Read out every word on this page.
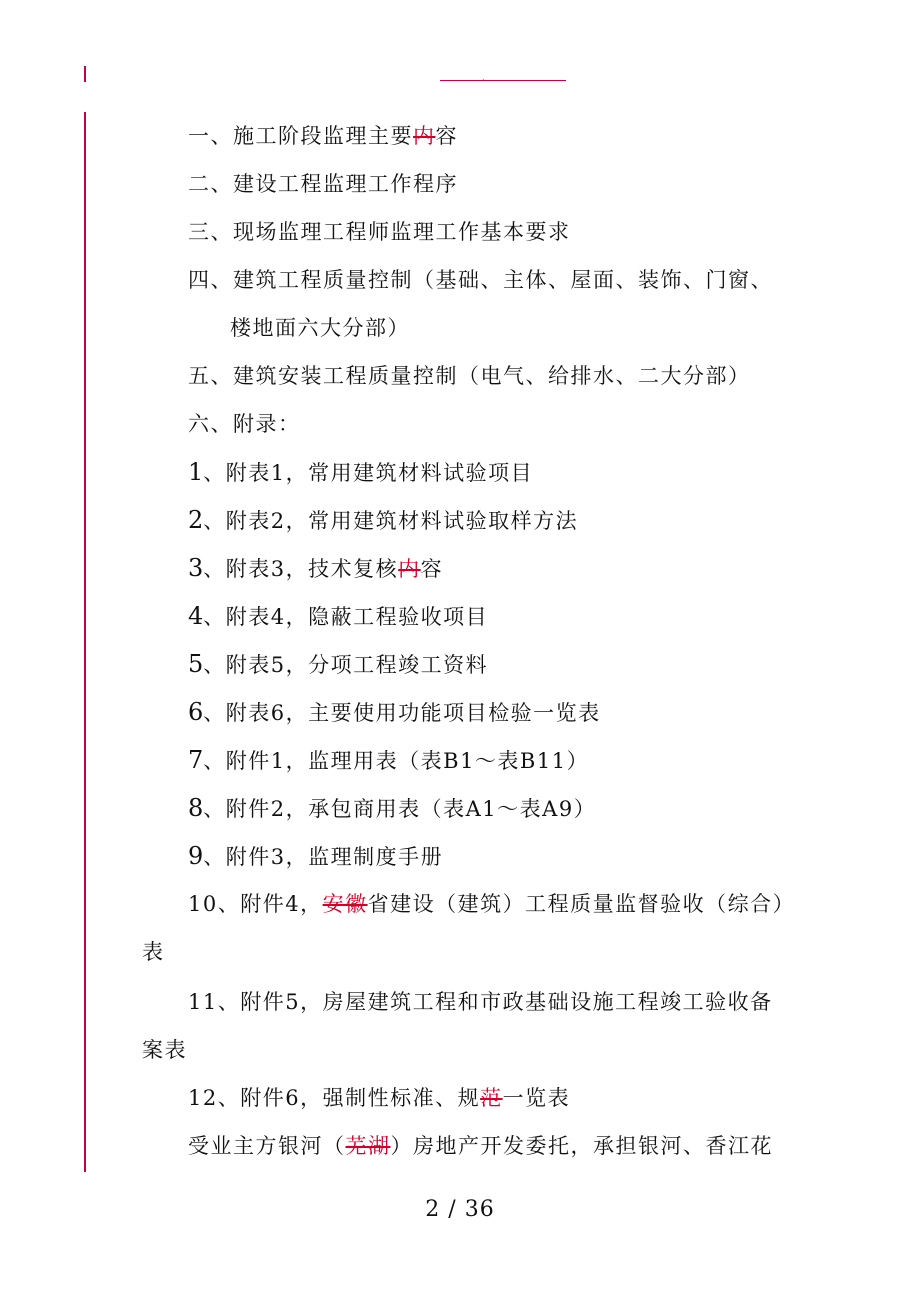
.
一、施工阶段监理主要内容
二、建设工程监理工作程序
三、现场监理工程师监理工作基本要求
四、建筑工程质量控制（基础、主体、屋面、装饰、门窗、
楼地面六大分部）
五、建筑安装工程质量控制（电气、给排水、二大分部）
六、附录：
1、附表1，常用建筑材料试验项目
2、附表2，常用建筑材料试验取样方法
3、附表3，技术复核内容
4、附表4，隐蔽工程验收项目
5、附表5，分项工程竣工资料
6、附表6，主要使用功能项目检验一览表
7、附件1，监理用表（表B1～表B11）
8、附件2，承包商用表（表A1～表A9）
9、附件3，监理制度手册
10、附件4，安徽省建设（建筑）工程质量监督验收（综合）
表
11、附件5，房屋建筑工程和市政基础设施工程竣工验收备
案表
12、附件6，强制性标准、规范一览表
受业主方银河（芜湖）房地产开发委托，承担银河、香江花
2 / 36
